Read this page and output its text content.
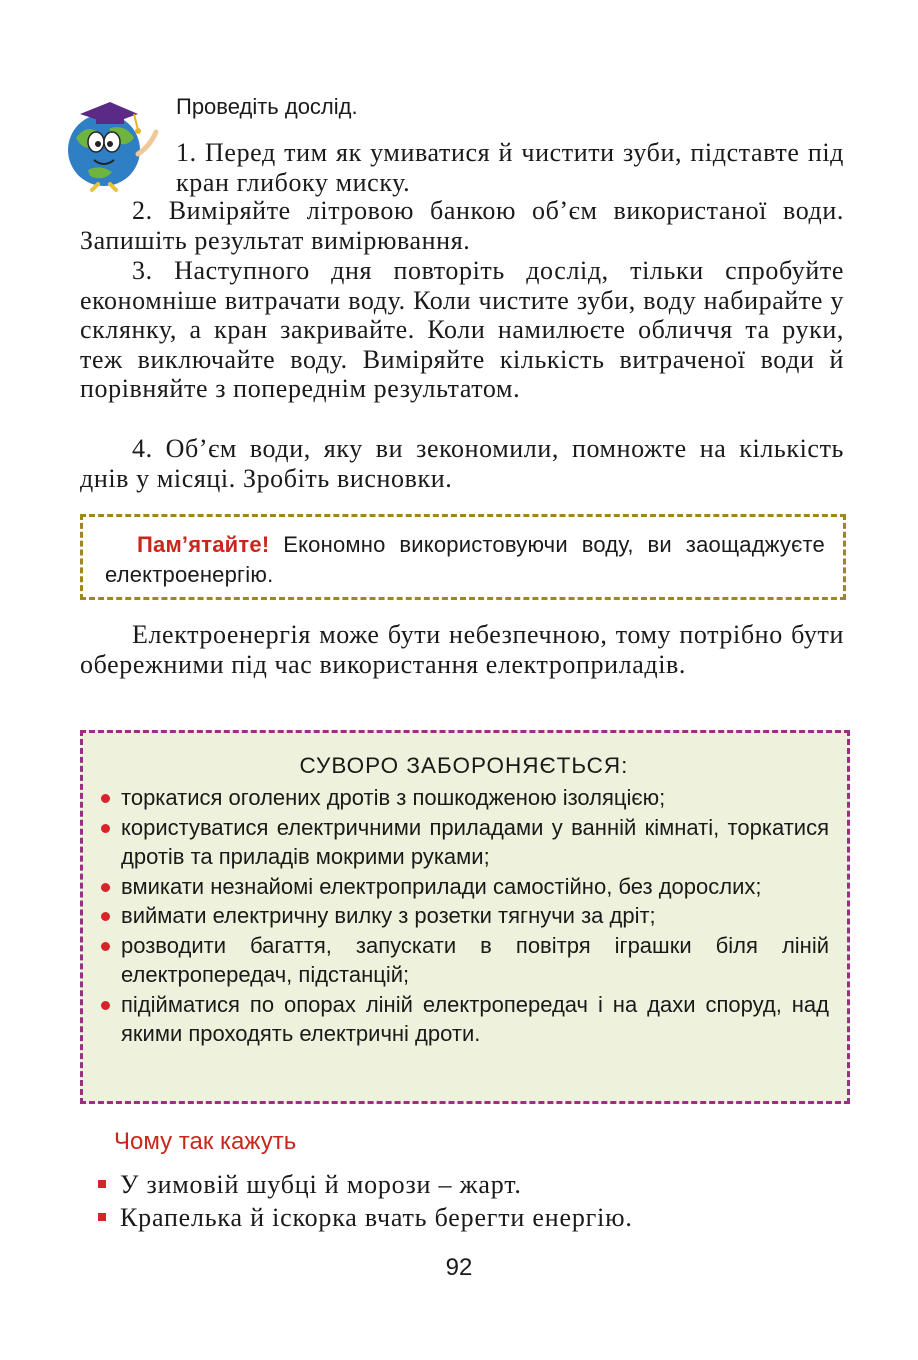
Проведіть дослід.
1. Перед тим як умиватися й чистити зуби, підставте під кран глибоку миску.
2. Виміряйте літровою банкою об’єм використаної води. Запишіть результат вимірювання.
3. Наступного дня повторіть дослід, тільки спробуйте економніше витрачати воду. Коли чистите зуби, воду набирайте у склянку, а кран закривайте. Коли намилюєте обличчя та руки, теж виключайте воду. Виміряйте кількість витраченої води й порівняйте з попереднім результатом.
4. Об’єм води, яку ви зекономили, помножте на кількість днів у місяці. Зробіть висновки.
Пам’ятайте! Економно використовуючи воду, ви заощаджуєте електроенергію.
Електроенергія може бути небезпечною, тому потрібно бути обережними під час використання електроприладів.
СУВОРО ЗАБОРОНЯЄТЬСЯ:
торкатися оголених дротів з пошкодженою ізоляцією;
користуватися електричними приладами у ванній кімнаті, торкатися дротів та приладів мокрими руками;
вмикати незнайомі електроприлади самостійно, без дорослих;
виймати електричну вилку з розетки тягнучи за дріт;
розводити багаття, запускати в повітря іграшки біля ліній електропередач, підстанцій;
підійматися по опорах ліній електропередач і на дахи споруд, над якими проходять електричні дроти.
Чому так кажуть
У зимовій шубці й морози – жарт.
Крапелька й іскорка вчать берегти енергію.
92
